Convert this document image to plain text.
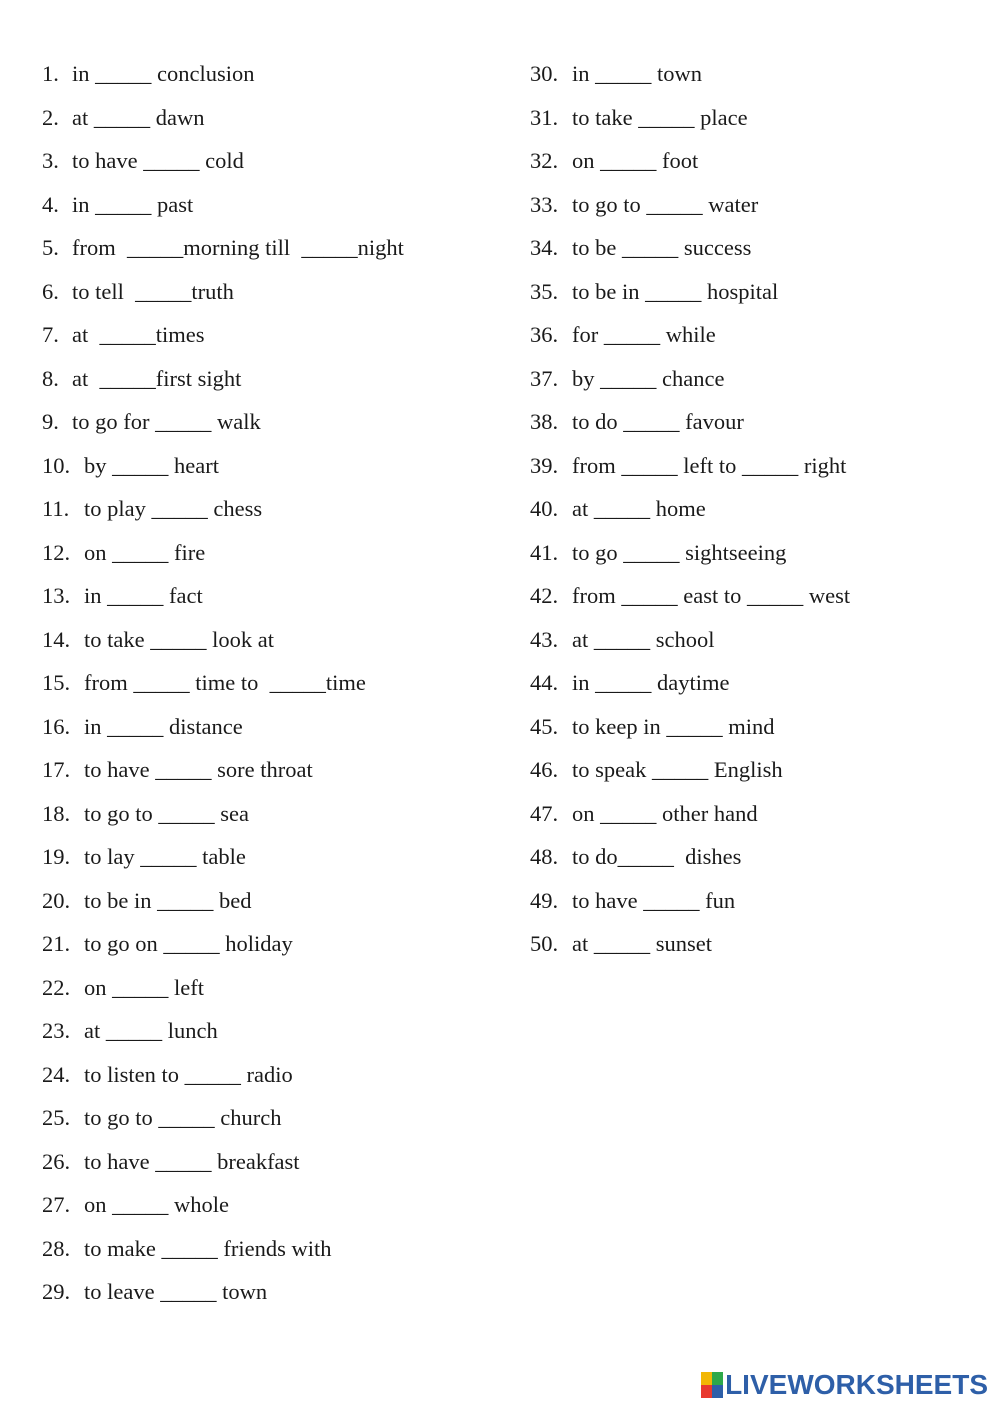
1. in _____ conclusion
2. at _____ dawn
3. to have _____ cold
4. in _____ past
5. from  _____morning till  _____night
6. to tell  _____truth
7. at  _____times
8. at  _____first sight
9. to go for _____ walk
10. by _____ heart
11. to play _____ chess
12. on _____ fire
13. in _____ fact
14. to take _____ look at
15. from _____ time to  _____time
16. in _____ distance
17. to have _____ sore throat
18. to go to _____ sea
19. to lay _____ table
20. to be in _____ bed
21. to go on _____ holiday
22. on _____ left
23. at _____ lunch
24. to listen to _____ radio
25. to go to _____ church
26. to have _____ breakfast
27. on _____ whole
28. to make _____ friends with
29. to leave _____ town
30. in _____ town
31. to take _____ place
32. on _____ foot
33. to go to _____ water
34. to be _____ success
35. to be in _____ hospital
36. for _____ while
37. by _____ chance
38. to do _____ favour
39. from _____ left to _____ right
40. at _____ home
41. to go _____ sightseeing
42. from _____ east to _____ west
43. at _____ school
44. in _____ daytime
45. to keep in _____ mind
46. to speak _____ English
47. on _____ other hand
48. to do_____  dishes
49. to have _____ fun
50. at _____ sunset
LIVEWORKSHEETS
